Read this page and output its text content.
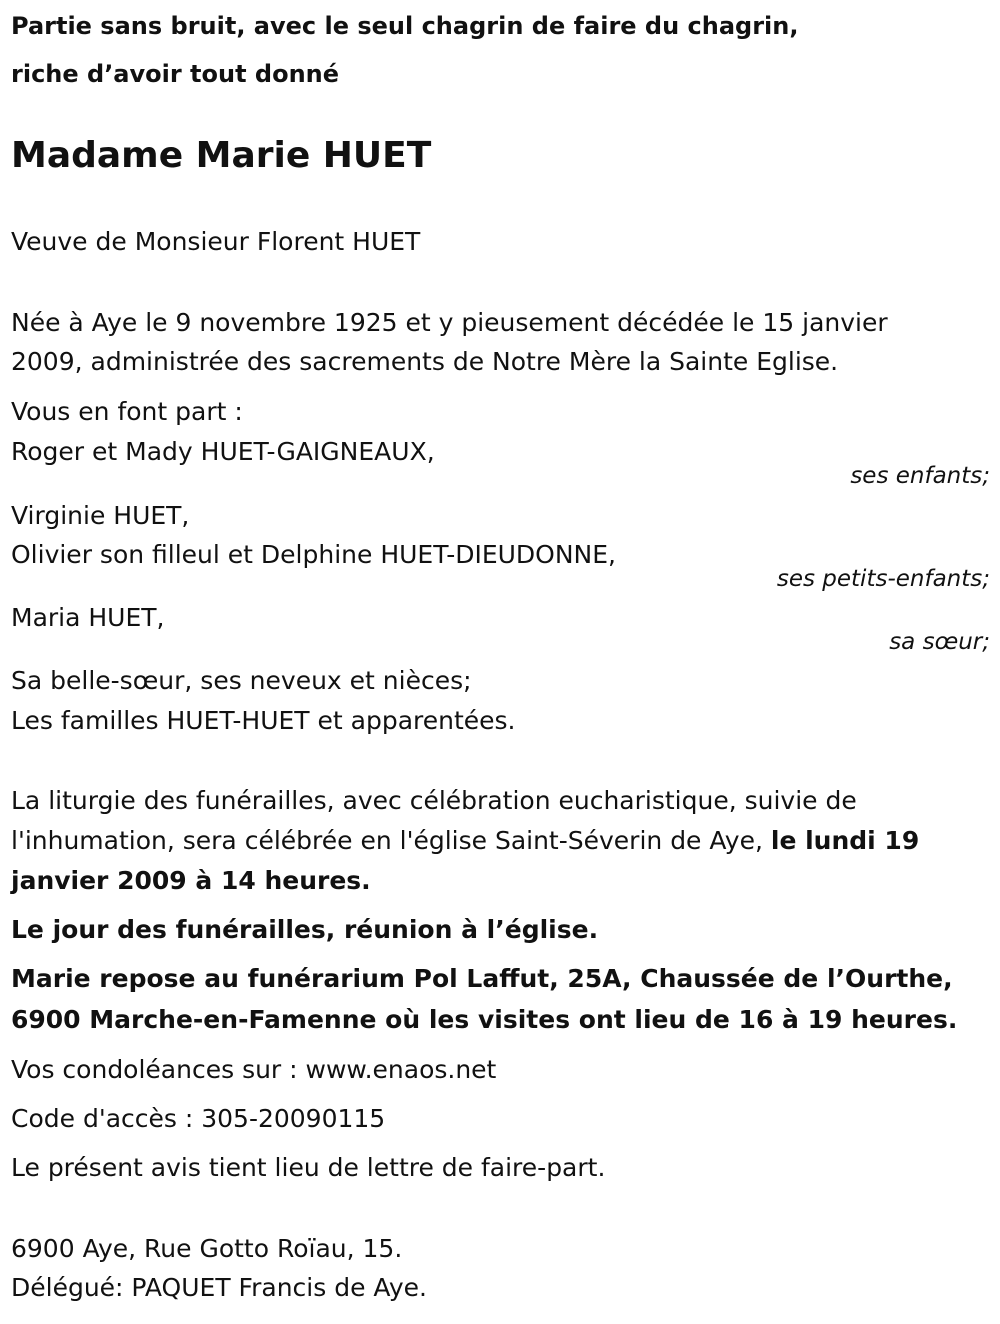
Partie sans bruit, avec le seul chagrin de faire du chagrin,
riche d’avoir tout donné
Madame Marie HUET
Veuve de Monsieur Florent HUET
Née à Aye le 9 novembre 1925 et y pieusement décédée le 15 janvier
2009, administrée des sacrements de Notre Mère la Sainte Eglise.
Vous en font part :
Roger et Mady HUET-GAIGNEAUX,
ses enfants;
Virginie HUET,
Olivier son filleul et Delphine HUET-DIEUDONNE,
ses petits-enfants;
Maria HUET,
sa sœur;
Sa belle-sœur, ses neveux et nièces;
Les familles HUET-HUET et apparentées.
La liturgie des funérailles, avec célébration eucharistique, suivie de
l'inhumation, sera célébrée en l'église Saint-Séverin de Aye, le lundi 19
janvier 2009 à 14 heures.
Le jour des funérailles, réunion à l’église.
Marie repose au funérarium Pol Laffut, 25A, Chaussée de l’Ourthe,
6900 Marche-en-Famenne où les visites ont lieu de 16 à 19 heures.
Vos condoléances sur : www.enaos.net
Code d'accès : 305-20090115
Le présent avis tient lieu de lettre de faire-part.
6900 Aye, Rue Gotto Roïau, 15.
Délégué: PAQUET Francis de Aye.
